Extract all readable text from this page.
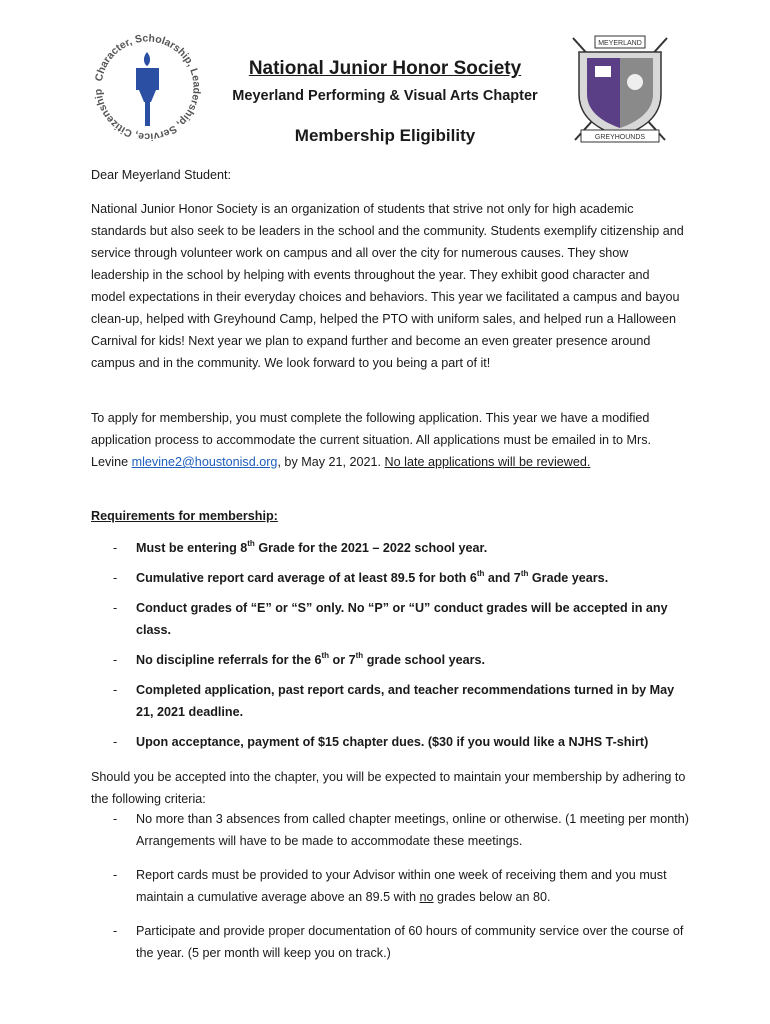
Character, Scholarship, Leadership, Service, Citizenship
MEYERLAND
GREYHOUNDS
National Junior Honor Society
Meyerland Performing & Visual Arts Chapter
Membership Eligibility
Dear Meyerland Student:
National Junior Honor Society is an organization of students that strive not only for high academic standards but also seek to be leaders in the school and the community. Students exemplify citizenship and service through volunteer work on campus and all over the city for numerous causes. They show leadership in the school by helping with events throughout the year. They exhibit good character and model expectations in their everyday choices and behaviors. This year we facilitated a campus and bayou clean-up, helped with Greyhound Camp, helped the PTO with uniform sales, and helped run a Halloween Carnival for kids! Next year we plan to expand further and become an even greater presence around campus and in the community. We look forward to you being a part of it!
To apply for membership, you must complete the following application. This year we have a modified application process to accommodate the current situation. All applications must be emailed in to Mrs. Levine mlevine2@houstonisd.org, by May 21, 2021. No late applications will be reviewed.
Requirements for membership:
- Must be entering 8th Grade for the 2021 – 2022 school year.
- Cumulative report card average of at least 89.5 for both 6th and 7th Grade years.
- Conduct grades of “E” or “S” only. No “P” or “U” conduct grades will be accepted in any class.
- No discipline referrals for the 6th or 7th grade school years.
- Completed application, past report cards, and teacher recommendations turned in by May 21, 2021 deadline.
- Upon acceptance, payment of $15 chapter dues. ($30 if you would like a NJHS T-shirt)
Should you be accepted into the chapter, you will be expected to maintain your membership by adhering to the following criteria:
- No more than 3 absences from called chapter meetings, online or otherwise. (1 meeting per month) Arrangements will have to be made to accommodate these meetings.
- Report cards must be provided to your Advisor within one week of receiving them and you must maintain a cumulative average above an 89.5 with no grades below an 80.
- Participate and provide proper documentation of 60 hours of community service over the course of the year. (5 per month will keep you on track.)
